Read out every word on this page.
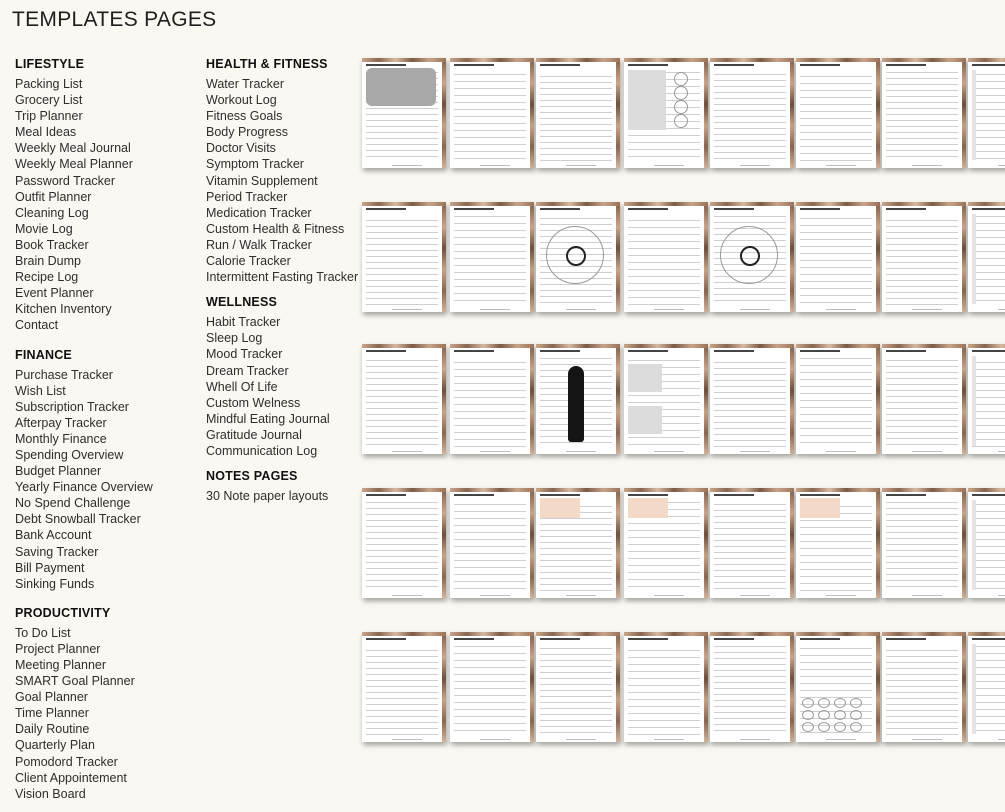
TEMPLATES PAGES
LIFESTYLE
Packing List
Grocery List
Trip Planner
Meal Ideas
Weekly Meal Journal
Weekly Meal Planner
Password Tracker
Outfit Planner
Cleaning Log
Movie Log
Book Tracker
Brain Dump
Recipe Log
Event Planner
Kitchen Inventory
Contact
FINANCE
Purchase Tracker
Wish List
Subscription Tracker
Afterpay Tracker
Monthly Finance
Spending Overview
Budget Planner
Yearly Finance Overview
No Spend Challenge
Debt Snowball Tracker
Bank Account
Saving Tracker
Bill Payment
Sinking Funds
PRODUCTIVITY
To Do List
Project Planner
Meeting Planner
SMART Goal Planner
Goal Planner
Time Planner
Daily Routine
Quarterly Plan
Pomodord Tracker
Client Appointement
Vision Board
HEALTH & FITNESS
Water Tracker
Workout Log
Fitness Goals
Body Progress
Doctor Visits
Symptom Tracker
Vitamin Supplement
Period Tracker
Medication Tracker
Custom Health & Fitness
Run / Walk Tracker
Calorie Tracker
Intermittent Fasting Tracker
WELLNESS
Habit Tracker
Sleep Log
Mood Tracker
Dream Tracker
Whell Of Life
Custom Welness
Mindful Eating Journal
Gratitude Journal
Communication Log
NOTES PAGES
30 Note paper layouts
